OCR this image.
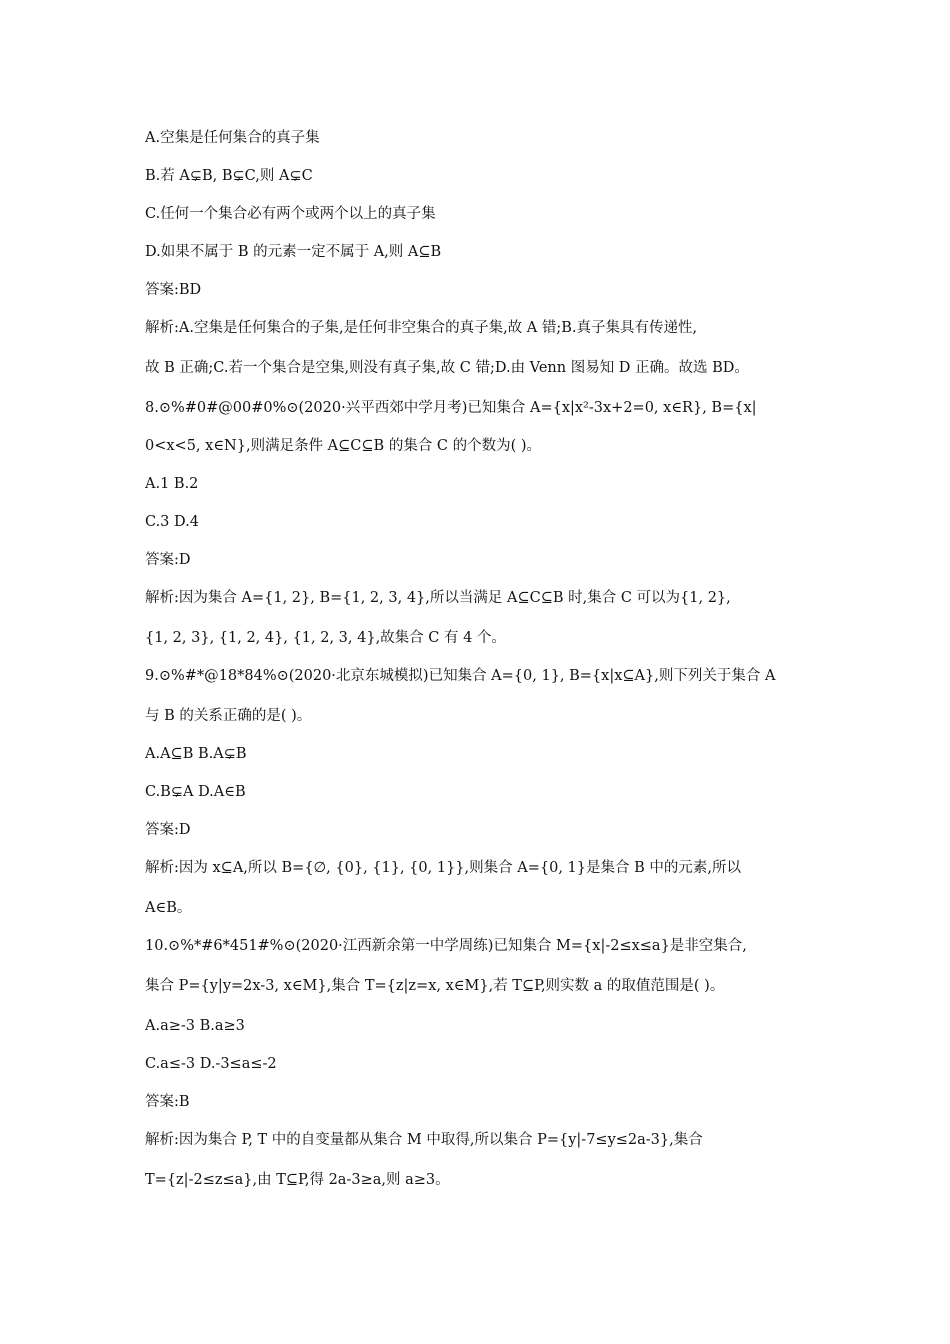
A.空集是任何集合的真子集
B.若 A⊊B, B⊊C,则 A⊊C
C.任何一个集合必有两个或两个以上的真子集
D.如果不属于 B 的元素一定不属于 A,则 A⊆B
答案:BD
解析:A.空集是任何集合的子集,是任何非空集合的真子集,故 A 错;B.真子集具有传递性,
故 B 正确;C.若一个集合是空集,则没有真子集,故 C 错;D.由 Venn 图易知 D 正确。故选 BD。
8.⊙%#0#@00#0%⊙(2020·兴平西郊中学月考)已知集合 A={x|x²-3x+2=0, x∈R}, B={x|
0<x<5, x∈N},则满足条件 A⊆C⊆B 的集合 C 的个数为( )。
A.1 B.2
C.3 D.4
答案:D
解析:因为集合 A={1, 2}, B={1, 2, 3, 4},所以当满足 A⊆C⊆B 时,集合 C 可以为{1, 2},
{1, 2, 3}, {1, 2, 4}, {1, 2, 3, 4},故集合 C 有 4 个。
9.⊙%#*@18*84%⊙(2020·北京东城模拟)已知集合 A={0, 1}, B={x|x⊆A},则下列关于集合 A
与 B 的关系正确的是( )。
A.A⊆B B.A⊊B
C.B⊊A D.A∈B
答案:D
解析:因为 x⊆A,所以 B={∅, {0}, {1}, {0, 1}},则集合 A={0, 1}是集合 B 中的元素,所以
A∈B。
10.⊙%*#6*451#%⊙(2020·江西新余第一中学周练)已知集合 M={x|-2≤x≤a}是非空集合,
集合 P={y|y=2x-3, x∈M},集合 T={z|z=x, x∈M},若 T⊆P,则实数 a 的取值范围是( )。
A.a≥-3 B.a≥3
C.a≤-3 D.-3≤a≤-2
答案:B
解析:因为集合 P, T 中的自变量都从集合 M 中取得,所以集合 P={y|-7≤y≤2a-3},集合
T={z|-2≤z≤a},由 T⊆P,得 2a-3≥a,则 a≥3。
